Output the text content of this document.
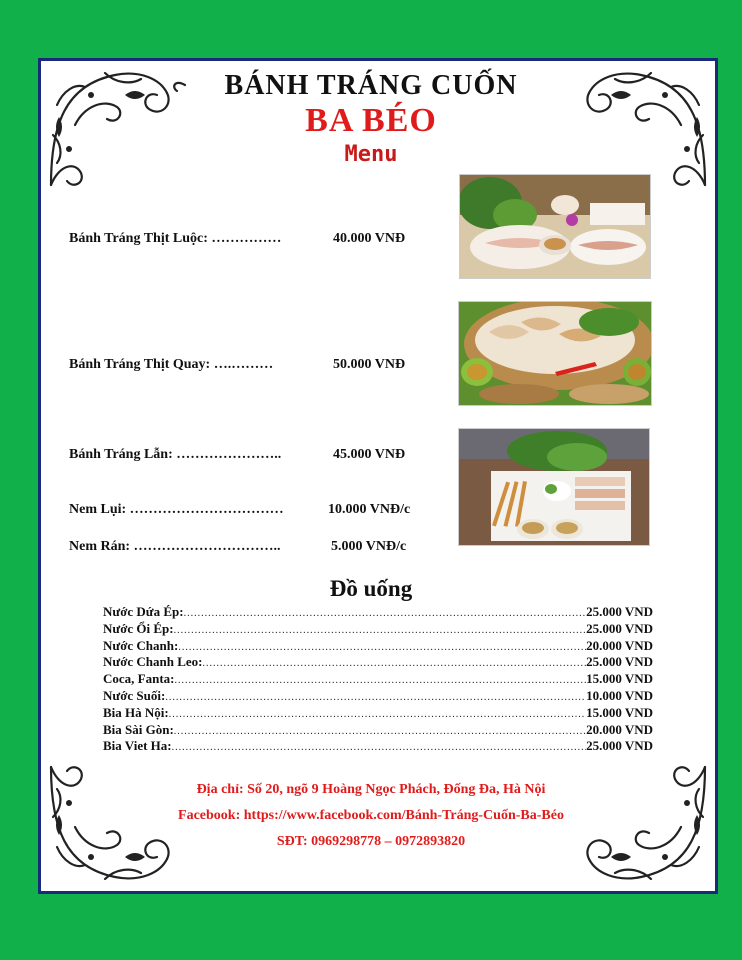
BÁNH TRÁNG CUỐN
BA BÉO
Menu
Bánh Tráng Thịt Luộc: ……………	40.000 VNĐ
Bánh Tráng Thịt Quay: ….………	50.000 VNĐ
Bánh Tráng Lẫn: …………………..	45.000 VNĐ
Nem Lụi: ……………………………	10.000 VNĐ/c
Nem Rán: …………………………..	5.000 VNĐ/c
Đồ uống
Nước Dứa Ép: .....	25.000 VND
Nước Ổi Ép: .....	25.000 VND
Nước Chanh: .....	20.000 VND
Nước Chanh Leo: .....	25.000 VND
Coca, Fanta: .....	15.000 VND
Nước Suối: .....	10.000 VND
Bia Hà Nội: .....	15.000 VND
Bia Sài Gòn: .....	20.000 VND
Bia Viet Ha: .....	25.000 VND
Địa chỉ: Số 20, ngõ 9 Hoàng Ngọc Phách, Đống Đa, Hà Nội
Facebook: https://www.facebook.com/Bánh-Tráng-Cuốn-Ba-Béo
SĐT: 0969298778 – 0972893820
